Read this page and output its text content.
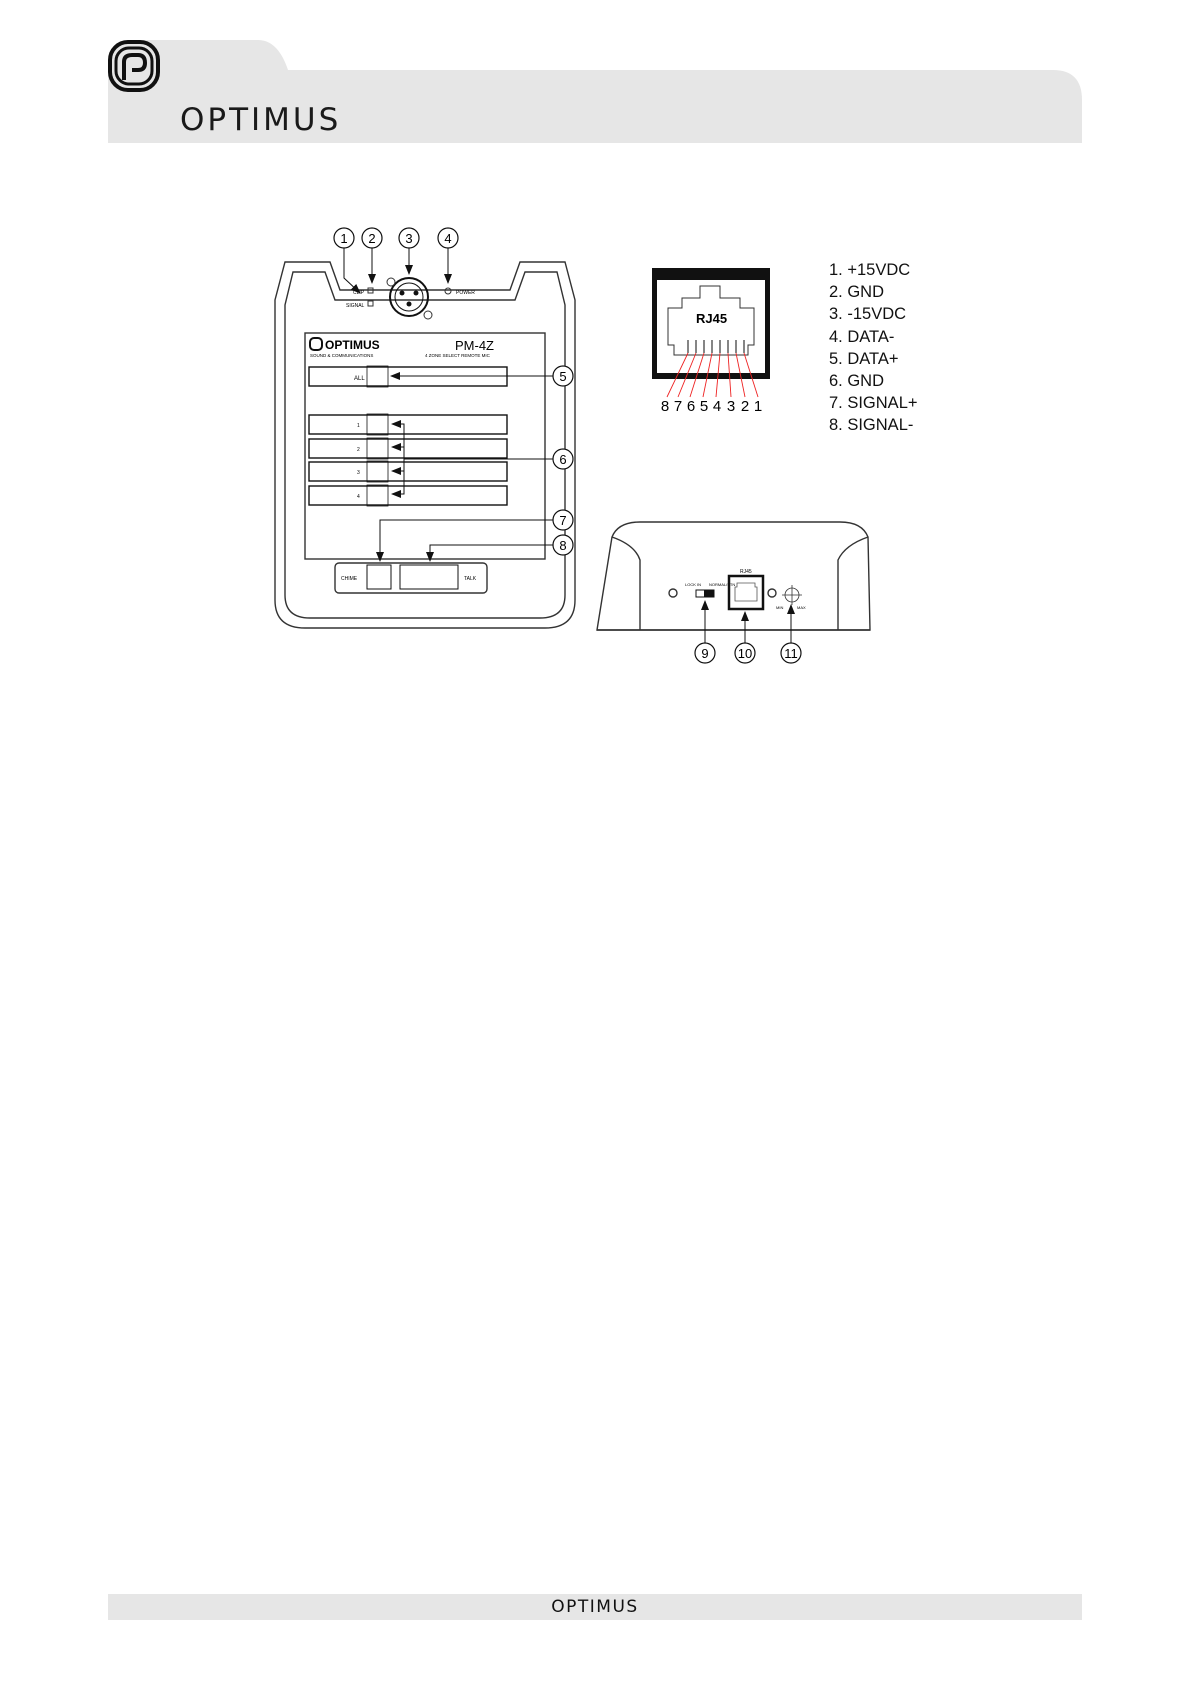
OPTIMUS
OPTIMUS
SOUND & COMMUNICATIONS
PM-4Z
4 ZONE SELECT REMOTE MIC
CLIP
SIGNAL
POWER
ALL
1
2
3
4
CHIME	TALK
1 2 3 4
5
6
7
8
9 10 11
RJ45
8 7 6 5 4 3 2 1
LOCK IN NORMAL/STN
RJ45
MIN	MAX
1. +15VDC
2. GND
3. -15VDC
4. DATA-
5. DATA+
6. GND
7. SIGNAL+
8. SIGNAL-
OPTIMUS
